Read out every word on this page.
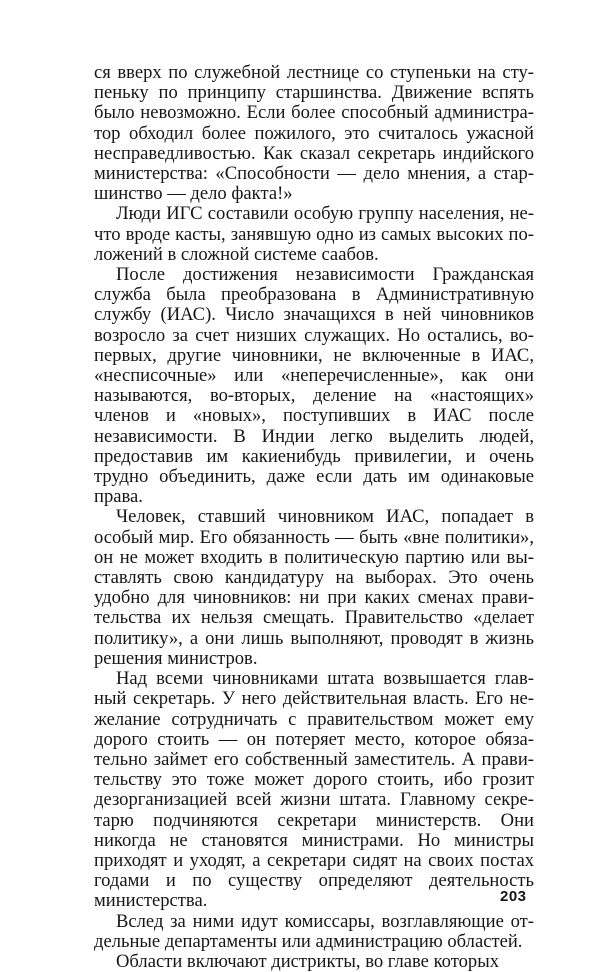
ся вверх по служебной лестнице со ступеньки на ступеньку по принципу старшинства. Движение вспять было невозможно. Если более способный администратор обходил более пожилого, это считалось ужасной несправедливостью. Как сказал секретарь индийского министерства: «Способности — дело мнения, а старшинство — дело факта!»

Люди ИГС составили особую группу населения, нечто вроде касты, занявшую одно из самых высоких положений в сложной системе саабов.

После достижения независимости Гражданская служба была преобразована в Административную службу (ИАС). Число значащихся в ней чиновников возросло за счет низших служащих. Но остались, во-первых, другие чиновники, не включенные в ИАС, «несписочные» или «неперечисленные», как они называются, во-вторых, деление на «настоящих» членов и «новых», поступивших в ИАС после независимости. В Индии легко выделить людей, предоставив им какиенибудь привилегии, и очень трудно объединить, даже если дать им одинаковые права.

Человек, ставший чиновником ИАС, попадает в особый мир. Его обязанность — быть «вне политики», он не может входить в политическую партию или выставлять свою кандидатуру на выборах. Это очень удобно для чиновников: ни при каких сменах правительства их нельзя смещать. Правительство «делает политику», а они лишь выполняют, проводят в жизнь решения министров.

Над всеми чиновниками штата возвышается главный секретарь. У него действительная власть. Его нежелание сотрудничать с правительством может ему дорого стоить — он потеряет место, которое обязательно займет его собственный заместитель. А правительству это тоже может дорого стоить, ибо грозит дезорганизацией всей жизни штата. Главному секретарю подчиняются секретари министерств. Они никогда не становятся министрами. Но министры приходят и уходят, а секретари сидят на своих постах годами и по существу определяют деятельность министерства.

Вслед за ними идут комиссары, возглавляющие отдельные департаменты или администрацию областей.

Области включают дистрикты, во главе которых

203
